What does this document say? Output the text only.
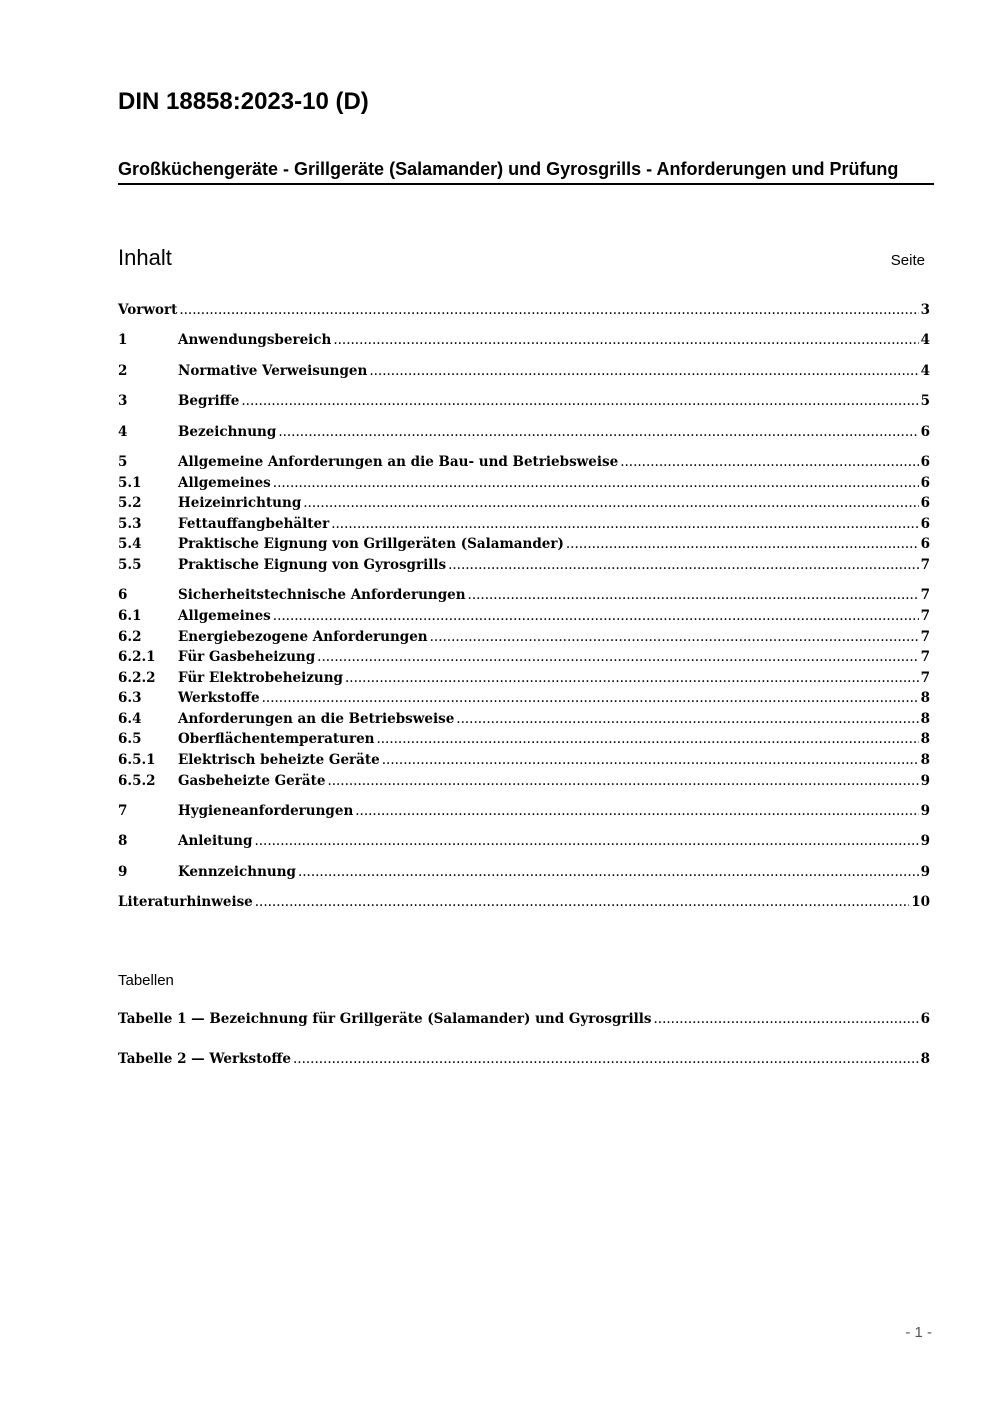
DIN 18858:2023-10 (D)
Großküchengeräte - Grillgeräte (Salamander) und Gyrosgrills - Anforderungen und Prüfung
Inhalt	Seite
Vorwort .....	3
1	Anwendungsbereich .....	4
2	Normative Verweisungen .....	4
3	Begriffe .....	5
4	Bezeichnung .....	6
5	Allgemeine Anforderungen an die Bau- und Betriebsweise .....	6
5.1	Allgemeines .....	6
5.2	Heizeinrichtung .....	6
5.3	Fettauffangbehälter .....	6
5.4	Praktische Eignung von Grillgeräten (Salamander) .....	6
5.5	Praktische Eignung von Gyrosgrills .....	7
6	Sicherheitstechnische Anforderungen .....	7
6.1	Allgemeines .....	7
6.2	Energiebezogene Anforderungen .....	7
6.2.1	Für Gasbeheizung .....	7
6.2.2	Für Elektrobeheizung .....	7
6.3	Werkstoffe .....	8
6.4	Anforderungen an die Betriebsweise .....	8
6.5	Oberflächentemperaturen .....	8
6.5.1	Elektrisch beheizte Geräte .....	8
6.5.2	Gasbeheizte Geräte .....	9
7	Hygieneanforderungen .....	9
8	Anleitung .....	9
9	Kennzeichnung .....	9
Literaturhinweise .....	10
Tabellen
Tabelle 1 — Bezeichnung für Grillgeräte (Salamander) und Gyrosgrills .....	6
Tabelle 2 — Werkstoffe .....	8
- 1 -
